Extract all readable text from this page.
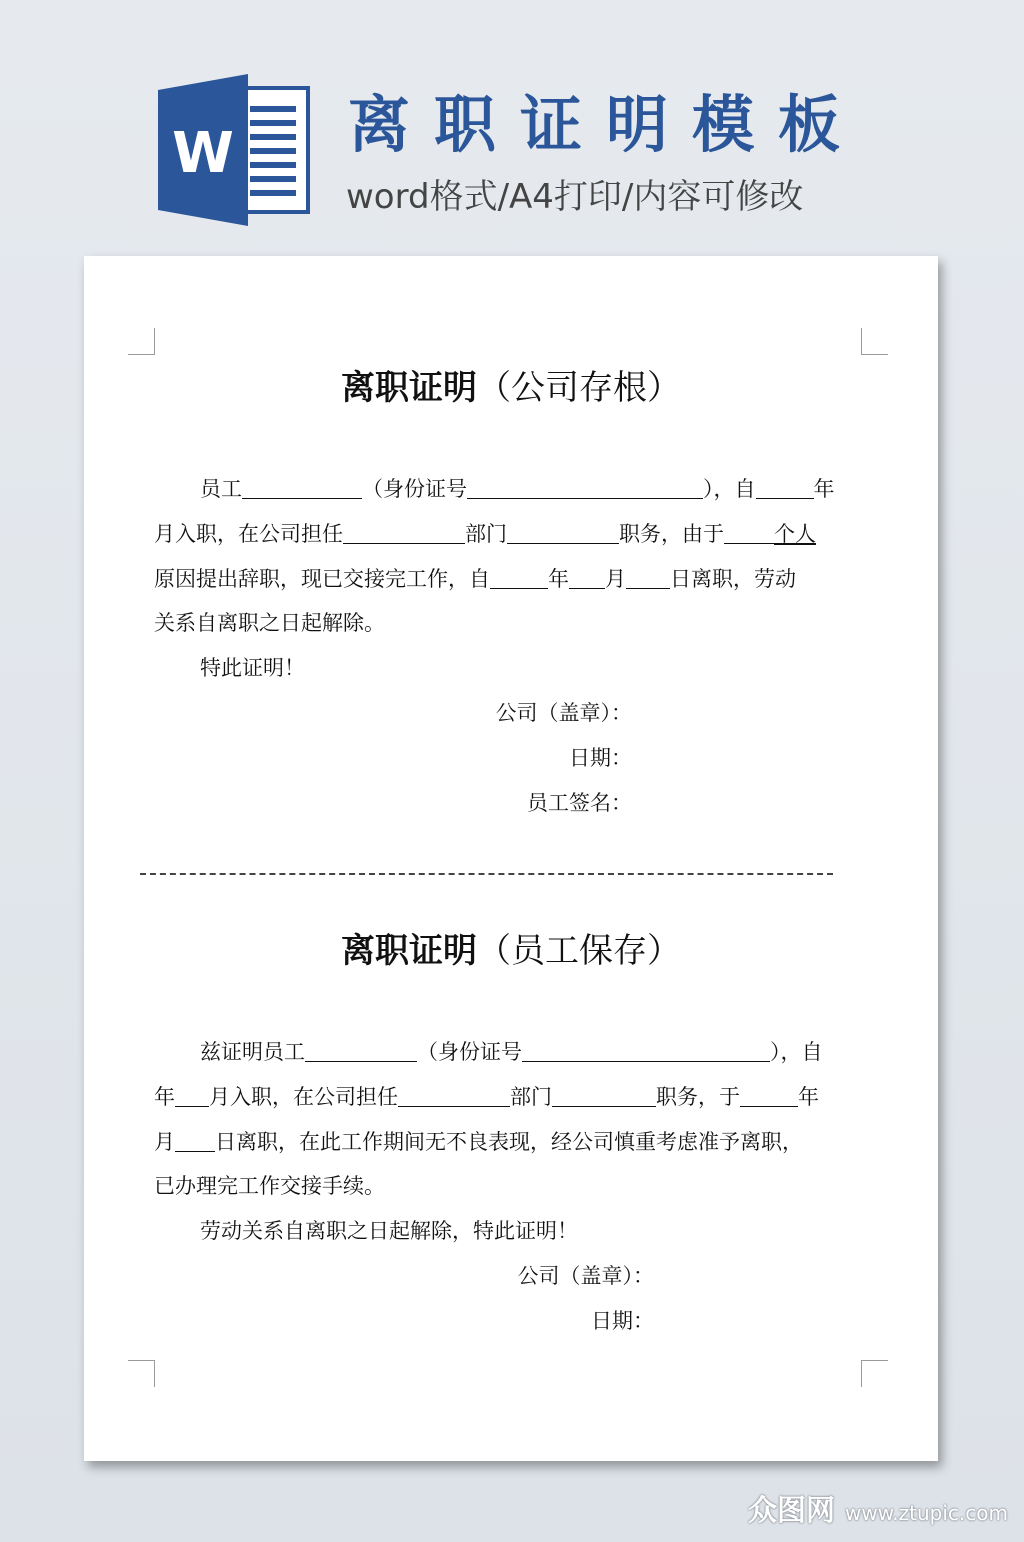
W 离职证明模板
word格式/A4打印/内容可修改
离职证明（公司存根）
员工	（身份证号	），自	年
月入职，在公司担任	部门	职务，由于 个人
原因提出辞职，现已交接完工作，自	年 月 日离职，劳动
关系自离职之日起解除。
特此证明！
公司（盖章）：
日期：
员工签名：
离职证明（员工保存）
兹证明员工	（身份证号	），自
年 月入职，在公司担任	部门	职务，于	年
月 日离职，在此工作期间无不良表现，经公司慎重考虑准予离职，
已办理完工作交接手续。
劳动关系自离职之日起解除，特此证明！
公司（盖章）：
日期：
众图网 www.ztupic.com
